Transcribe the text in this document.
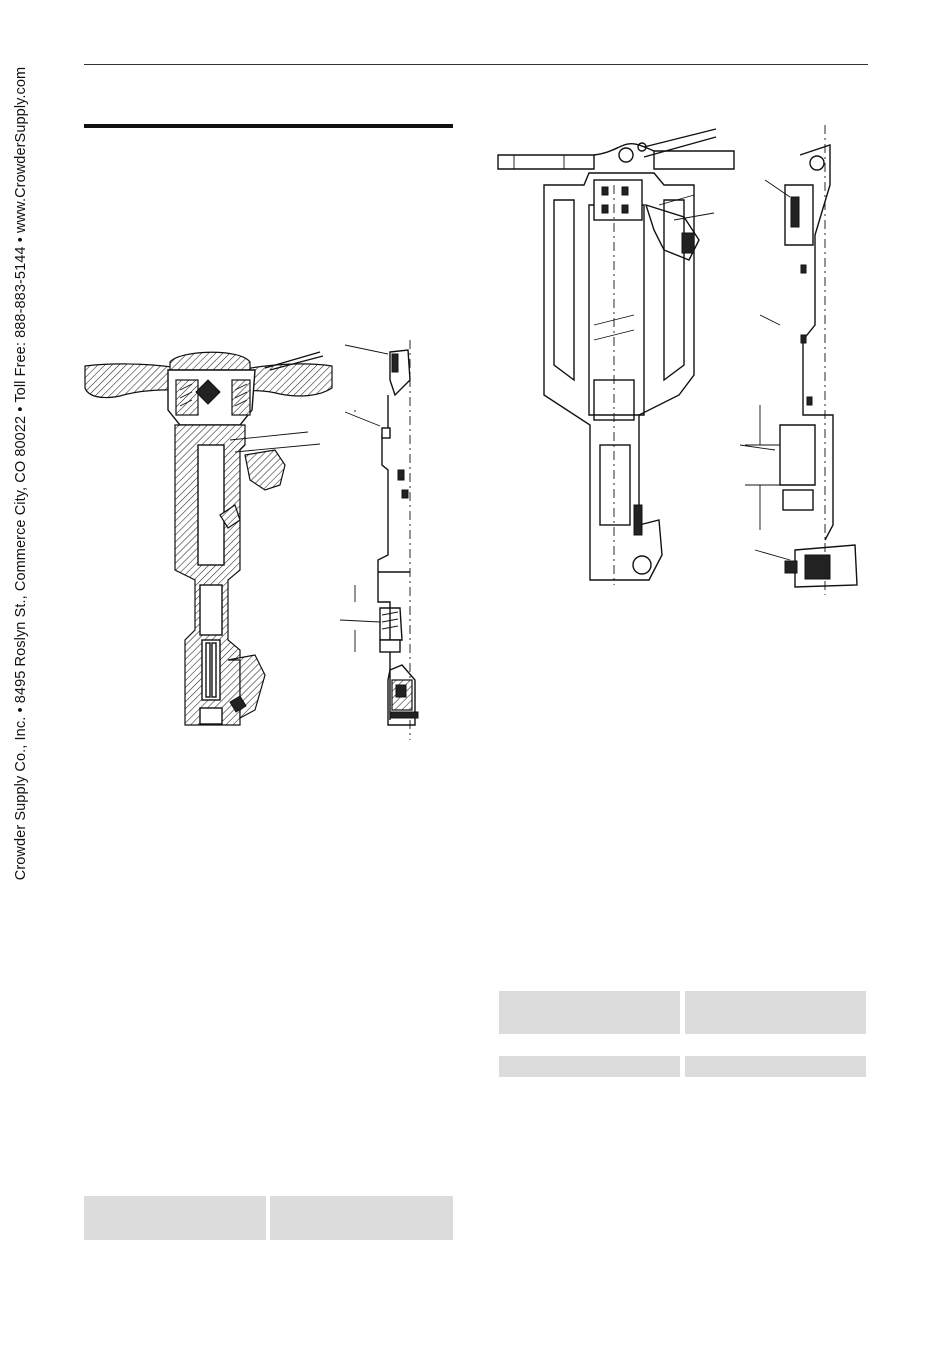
Crowder Supply Co., Inc. • 8495 Roslyn St., Commerce City, CO 80022 • Toll Free: 888-883-5144 • www.CrowderSupply.com
